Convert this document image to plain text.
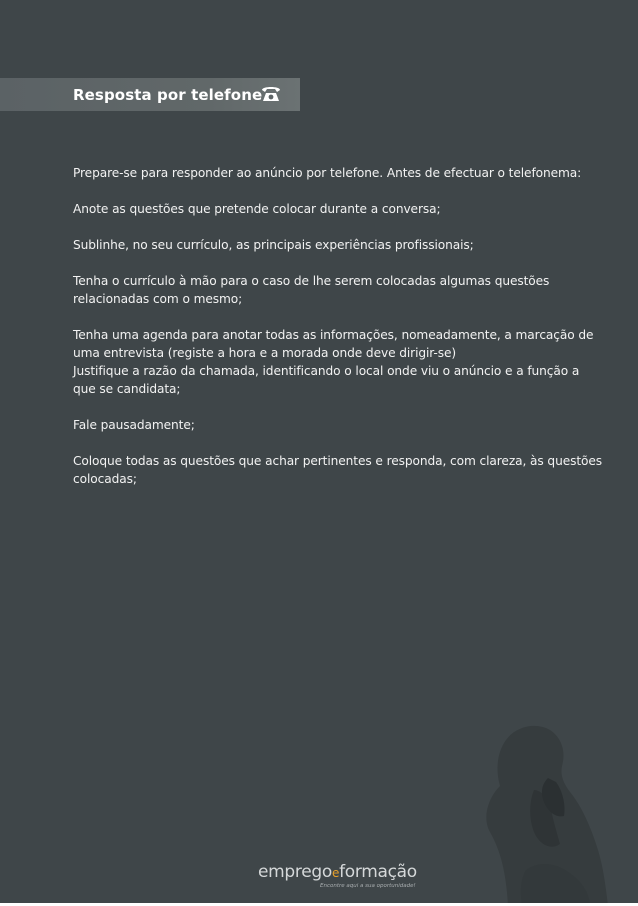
Resposta por telefone

Prepare-se para responder ao anúncio por telefone. Antes de efectuar o telefonema:

Anote as questões que pretende colocar durante a conversa;

Sublinhe, no seu currículo, as principais experiências profissionais;

Tenha o currículo à mão para o caso de lhe serem colocadas algumas questões relacionadas com o mesmo;

Tenha uma agenda para anotar todas as informações, nomeadamente, a marcação de uma entrevista (registe a hora e a morada onde deve dirigir-se)

Justifique a razão da chamada, identificando o local onde viu o anúncio e a função a que se candidata;

Fale pausadamente;

Coloque todas as questões que achar pertinentes e responda, com clareza, às questões colocadas;

empregoeformação
Encontre aqui a sua oportunidade!
